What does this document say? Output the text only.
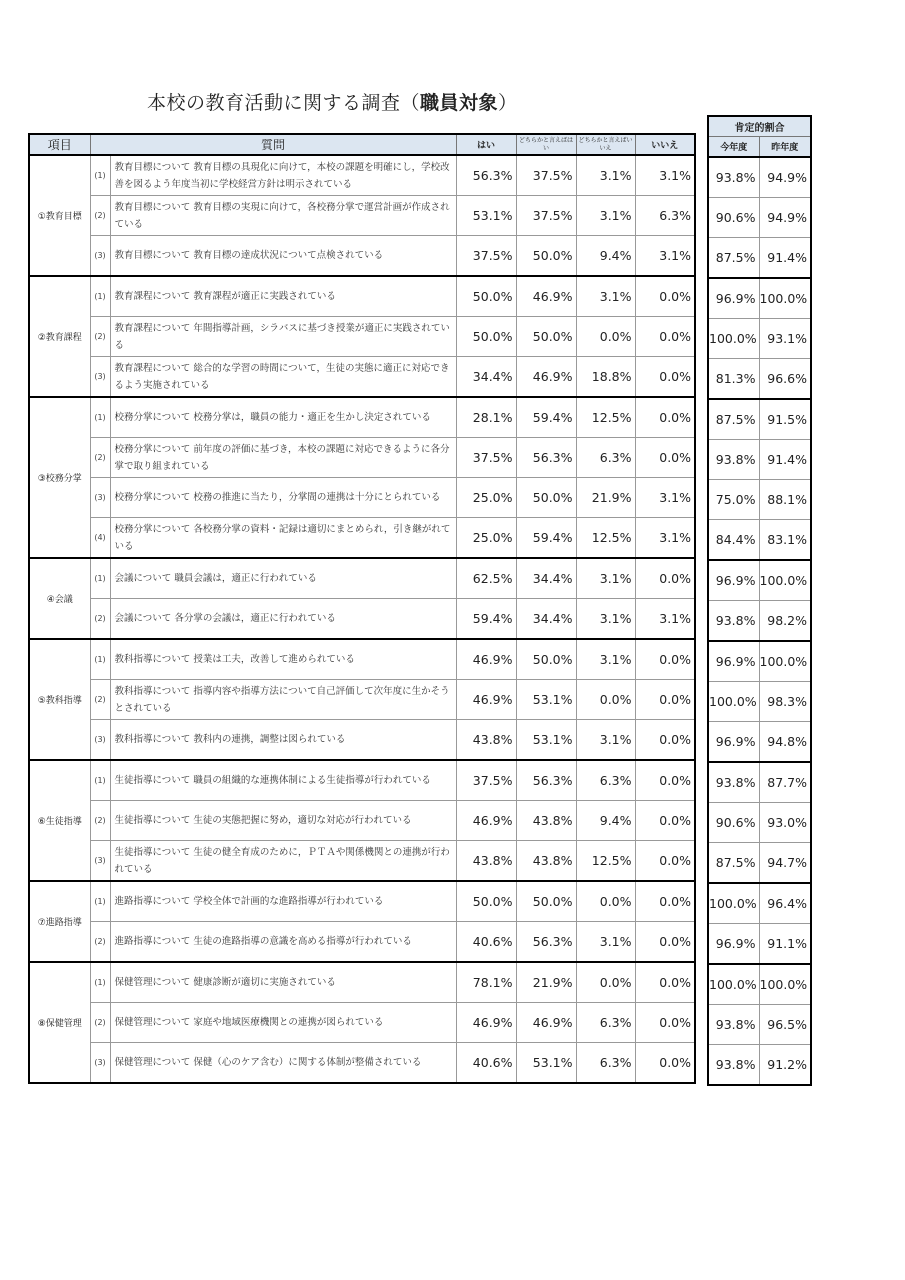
本校の教育活動に関する調査（職員対象）
項目	質問		はい	どちらかと言えばはい	どちらかと言えばいいえ	いいえ
①教育目標	(1)	教育目標について 教育目標の具現化に向けて，本校の課題を明確にし，学校改善を図るよう年度当初に学校経営方針は明示されている	56.3%	37.5%	3.1%	3.1%
	(2)	教育目標について 教育目標の実現に向けて，各校務分掌で運営計画が作成されている	53.1%	37.5%	3.1%	6.3%
	(3)	教育目標について 教育目標の達成状況について点検されている	37.5%	50.0%	9.4%	3.1%
②教育課程	(1)	教育課程について 教育課程が適正に実践されている	50.0%	46.9%	3.1%	0.0%
	(2)	教育課程について 年間指導計画，シラバスに基づき授業が適正に実践されている	50.0%	50.0%	0.0%	0.0%
	(3)	教育課程について 総合的な学習の時間について，生徒の実態に適正に対応できるよう実施されている	34.4%	46.9%	18.8%	0.0%
③校務分掌	(1)	校務分掌について 校務分掌は，職員の能力・適正を生かし決定されている	28.1%	59.4%	12.5%	0.0%
	(2)	校務分掌について 前年度の評価に基づき，本校の課題に対応できるように各分掌で取り組まれている	37.5%	56.3%	6.3%	0.0%
	(3)	校務分掌について 校務の推進に当たり，分掌間の連携は十分にとられている	25.0%	50.0%	21.9%	3.1%
	(4)	校務分掌について 各校務分掌の資料・記録は適切にまとめられ，引き継がれている	25.0%	59.4%	12.5%	3.1%
④会議	(1)	会議について 職員会議は，適正に行われている	62.5%	34.4%	3.1%	0.0%
	(2)	会議について 各分掌の会議は，適正に行われている	59.4%	34.4%	3.1%	3.1%
⑤教科指導	(1)	教科指導について 授業は工夫，改善して進められている	46.9%	50.0%	3.1%	0.0%
	(2)	教科指導について 指導内容や指導方法について自己評価して次年度に生かそうとされている	46.9%	53.1%	0.0%	0.0%
	(3)	教科指導について 教科内の連携，調整は図られている	43.8%	53.1%	3.1%	0.0%
⑥生徒指導	(1)	生徒指導について 職員の組織的な連携体制による生徒指導が行われている	37.5%	56.3%	6.3%	0.0%
	(2)	生徒指導について 生徒の実態把握に努め，適切な対応が行われている	46.9%	43.8%	9.4%	0.0%
	(3)	生徒指導について 生徒の健全育成のために，ＰＴＡや関係機関との連携が行われている	43.8%	43.8%	12.5%	0.0%
⑦進路指導	(1)	進路指導について 学校全体で計画的な進路指導が行われている	50.0%	50.0%	0.0%	0.0%
	(2)	進路指導について 生徒の進路指導の意識を高める指導が行われている	40.6%	56.3%	3.1%	0.0%
⑧保健管理	(1)	保健管理について 健康診断が適切に実施されている	78.1%	21.9%	0.0%	0.0%
	(2)	保健管理について 家庭や地域医療機関との連携が図られている	46.9%	46.9%	6.3%	0.0%
	(3)	保健管理について 保健（心のケア含む）に関する体制が整備されている	40.6%	53.1%	6.3%	0.0%
肯定的割合	
今年度	昨年度
93.8%	94.9%
90.6%	94.9%
87.5%	91.4%
96.9%	100.0%
100.0%	93.1%
81.3%	96.6%
87.5%	91.5%
93.8%	91.4%
75.0%	88.1%
84.4%	83.1%
96.9%	100.0%
93.8%	98.2%
96.9%	100.0%
100.0%	98.3%
96.9%	94.8%
93.8%	87.7%
90.6%	93.0%
87.5%	94.7%
100.0%	96.4%
96.9%	91.1%
100.0%	100.0%
93.8%	96.5%
93.8%	91.2%
